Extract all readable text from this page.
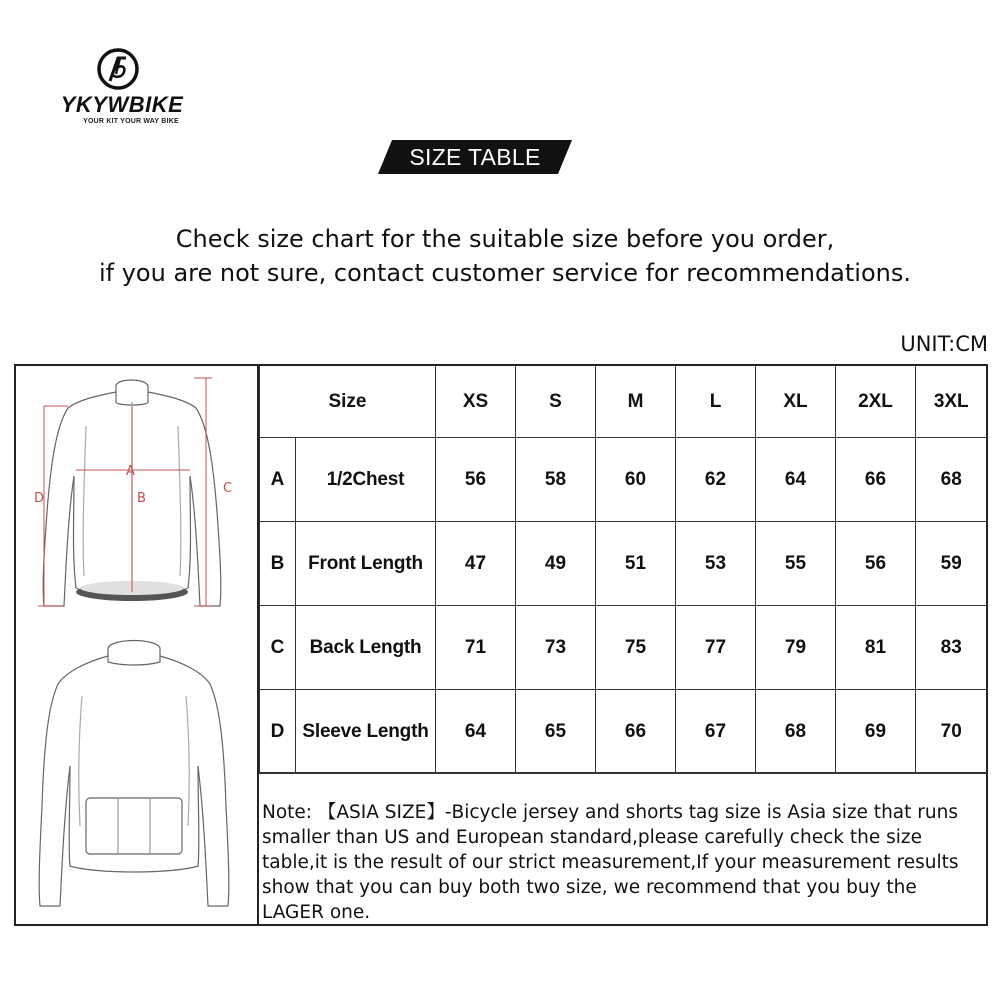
YKYWBIKE
YOUR KIT YOUR WAY BIKE
SIZE TABLE
Check size chart for the suitable size before you order,
if you are not sure, contact customer service for recommendations.
UNIT:CM
A
B
C
D
Size		XS	S	M	L	XL	2XL	3XL
A	1/2Chest	56	58	60	62	64	66	68
B	Front Length	47	49	51	53	55	56	59
C	Back Length	71	73	75	77	79	81	83
D	Sleeve Length	64	65	66	67	68	69	70
Note: 【ASIA SIZE】-Bicycle jersey and shorts tag size is Asia size that runs smaller than US and European standard,please carefully check the size table,it is the result of our strict measurement,If your measurement results show that you can buy both two size, we recommend that you buy the LAGER one.
